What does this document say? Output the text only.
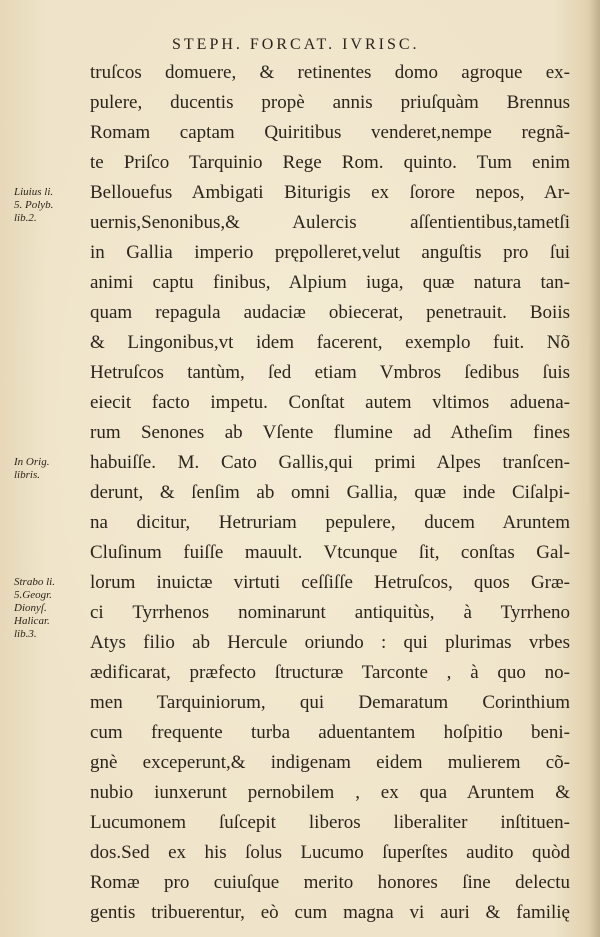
STEPH. FORCAT. IVRISC.
truſcos domuere, & retinentes domo agroque ex-
pulere, ducentis propè annis priuſquàm Brennus
Romam captam Quiritibus venderet,nempe regnã-
te Priſco Tarquinio Rege Rom. quinto. Tum enim
Bellouefus Ambigati Biturigis ex ſorore nepos, Ar-
uernis,Senonibus,& Aulercis aſſentientibus,tametſi
in Gallia imperio prępolleret,velut anguſtis pro ſui
animi captu finibus, Alpium iuga, quæ natura tan-
quam repagula audaciæ obiecerat, penetrauit. Boiis
& Lingonibus,vt idem facerent, exemplo fuit. Nõ
Hetruſcos tantùm, ſed etiam Vmbros ſedibus ſuis
eiecit facto impetu. Conſtat autem vltimos aduena-
rum Senones ab Vſente flumine ad Atheſim fines
habuiſſe. M. Cato Gallis,qui primi Alpes tranſcen-
derunt, & ſenſim ab omni Gallia, quæ inde Ciſalpi-
na dicitur, Hetruriam pepulere, ducem Aruntem
Cluſinum fuiſſe mauult. Vtcunque ſit, conſtas Gal-
lorum inuictæ virtuti ceſſiſſe Hetruſcos, quos Græ-
ci Tyrrhenos nominarunt antiquitùs, à Tyrrheno
Atys filio ab Hercule oriundo : qui plurimas vrbes
ædificarat, præfecto ſtructuræ Tarconte , à quo no-
men Tarquiniorum, qui Demaratum Corinthium
cum frequente turba aduentantem hoſpitio beni-
gnè exceperunt,& indigenam eidem mulierem cõ-
nubio iunxerunt pernobilem , ex qua Aruntem &
Lucumonem ſuſcepit liberos liberaliter inſtituen-
dos.Sed ex his ſolus Lucumo ſuperſtes audito quòd
Romæ pro cuiuſque merito honores ſine delectu
gentis tribuerentur, eò cum magna vi auri & familię
Liuius li.
5. Polyb.
lib.2.
In Orig.
libris.
Strabo li.
5.Geogr.
Dionyſ.
Halicar.
lib.3.
